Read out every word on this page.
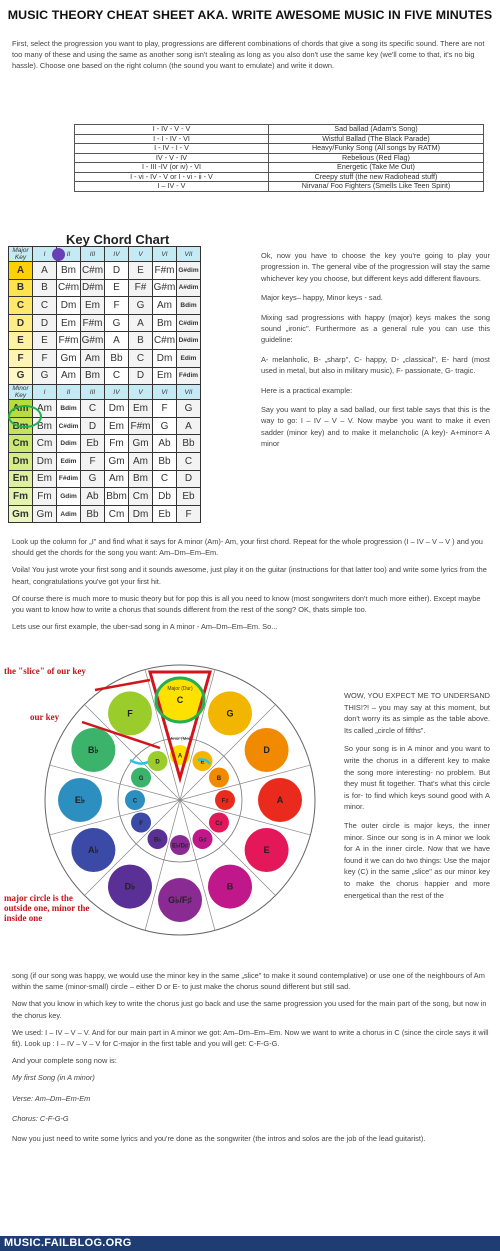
MUSIC THEORY CHEAT SHEET AKA. WRITE AWESOME MUSIC IN FIVE MINUTES
First, select the progression you want to play, progressions are different combinations of chords that give a song its specific sound. There are not too many of these and using the same as another song isn't stealing as long as you also don't use the same key (we'll come to that, it's no big hassle). Choose one based on the right column (the sound you want to emulate) and write it down.
I - IV - V - V	Sad ballad (Adam's Song)
I - I - IV - VI	Wistful Ballad (The Black Parade)
I - IV - I - V	Heavy/Funky Song (All songs by RATM)
IV - V - IV	Rebelious (Red Flag)
I - III -IV (or iv) - VI	Energetic (Take Me Out)
I - vi - IV - V or I - vi - ii - V	Creepy stuff (the new Radiohead stuff)
I – IV - V	Nirvana/ Foo Fighters (Smells Like Teen Spirit)
Key Chord Chart
Major Key	I	II	III	IV	V	VI	VII
A	A	Bm	C#m	D	E	F#m	G#dim
B	B	C#m	D#m	E	F#	G#m	A#dim
C	C	Dm	Em	F	G	Am	Bdim
D	D	Em	F#m	G	A	Bm	C#dim
E	E	F#m	G#m	A	B	C#m	D#dim
F	F	Gm	Am	Bb	C	Dm	Edim
G	G	Am	Bm	C	D	Em	F#dim
Minor Key	I	II	III	IV	V	VI	VII
Am	Am	Bdim	C	Dm	Em	F	G
Bm	Bm	C#dim	D	Em	F#m	G	A
Cm	Cm	Ddim	Eb	Fm	Gm	Ab	Bb
Dm	Dm	Edim	F	Gm	Am	Bb	C
Em	Em	F#dim	G	Am	Bm	C	D
Fm	Fm	Gdim	Ab	Bbm	Cm	Db	Eb
Gm	Gm	Adim	Bb	Cm	Dm	Eb	F
Ok, now you have to choose the key you're going to play your progression in. The general vibe of the progression will stay the same whichever key you choose, but different keys add different flavours.
Major keys– happy, Minor keys - sad.
Mixing sad progressions with happy (major) keys makes the song sound „ironic". Furthermore as a general rule you can use this guideline:
A- melanholic, B- „sharp", C- happy, D- „classical", E- hard (most used in metal, but also in military music), F- passionate, G- tragic.
Here is a practical example:
Say you want to play a sad ballad, our first table says that this is the way to go: I – IV – V – V. Now maybe you want to make it even sadder (minor key) and to make it melancholic (A key)- A+minor= A minor
Look up the column for „I" and find what it says for A minor (Am)- Am, your first chord. Repeat for the whole progression (I – IV – V – V ) and you should get the chords for the song you want: Am–Dm–Em–Em.
Voila! You just wrote your first song and it sounds awesome, just play it on the guitar (instructions for that latter too) and write some lyrics from the heart, congratulations you've got your first hit.
Of course there is much more to music theory but for pop this is all you need to know (most songwriters don't much more either). Except maybe you want to know how to write a chorus that sounds different from the rest of the song? OK, thats simple too.
Lets use our first example, the uber-sad song in A minor - Am–Dm–Em–Em. So...
C
G
D
A
E
B
G♭/F♯
D♭
A♭
E♭
B♭
F
A
E
B
F♯
C♯
G♯
E♭/D♯
B♭
F
C
G
D
Major (Dur)
Minor (Mol)
the "slice" of our key
our key
major circle is the outside one, minor the inside one
WOW, YOU EXPECT ME TO UNDERSAND THIS!?! – you may say at this moment, but don't worry its as simple as the table above. Its called „circle of fifths".
So your song is in A minor and you want to write the chorus in a different key to make the song more interesting- no problem. But they must fit together. That's what this circle is for- to find which keys sound good with A minor.
The outer circle is major keys, the inner minor. Since our song is in A minor we look for A in the inner circle. Now that we have found it we can do two things: Use the major key (C) in the same „slice" as our minor key to make the chorus happier and more energetical than the rest of the
song (if our song was happy, we would use the minor key in the same „slice" to make it sound contemplative) or use one of the neighbours of Am within the same (minor-small) circle – either D or E- to just make the chorus sound different but still sad.
Now that you know in which key to write the chorus just go back and use the same progression you used for the main part of the song, but now in the chorus key.
We used: I – IV – V – V. And for our main part in A minor we got: Am–Dm–Em–Em. Now we want to write a chorus in C (since the circle says it will fit). Look up : I – IV – V – V for C-major in the first table and you will get: C-F-G-G.
And your complete song now is:
My first Song (in A minor)
Verse: Am–Dm–Em-Em
Chorus: C-F-G-G
Now you just need to write some lyrics and you're done as the songwriter (the intros and solos are the job of the lead guitarist).
MUSIC.FAILBLOG.ORG
